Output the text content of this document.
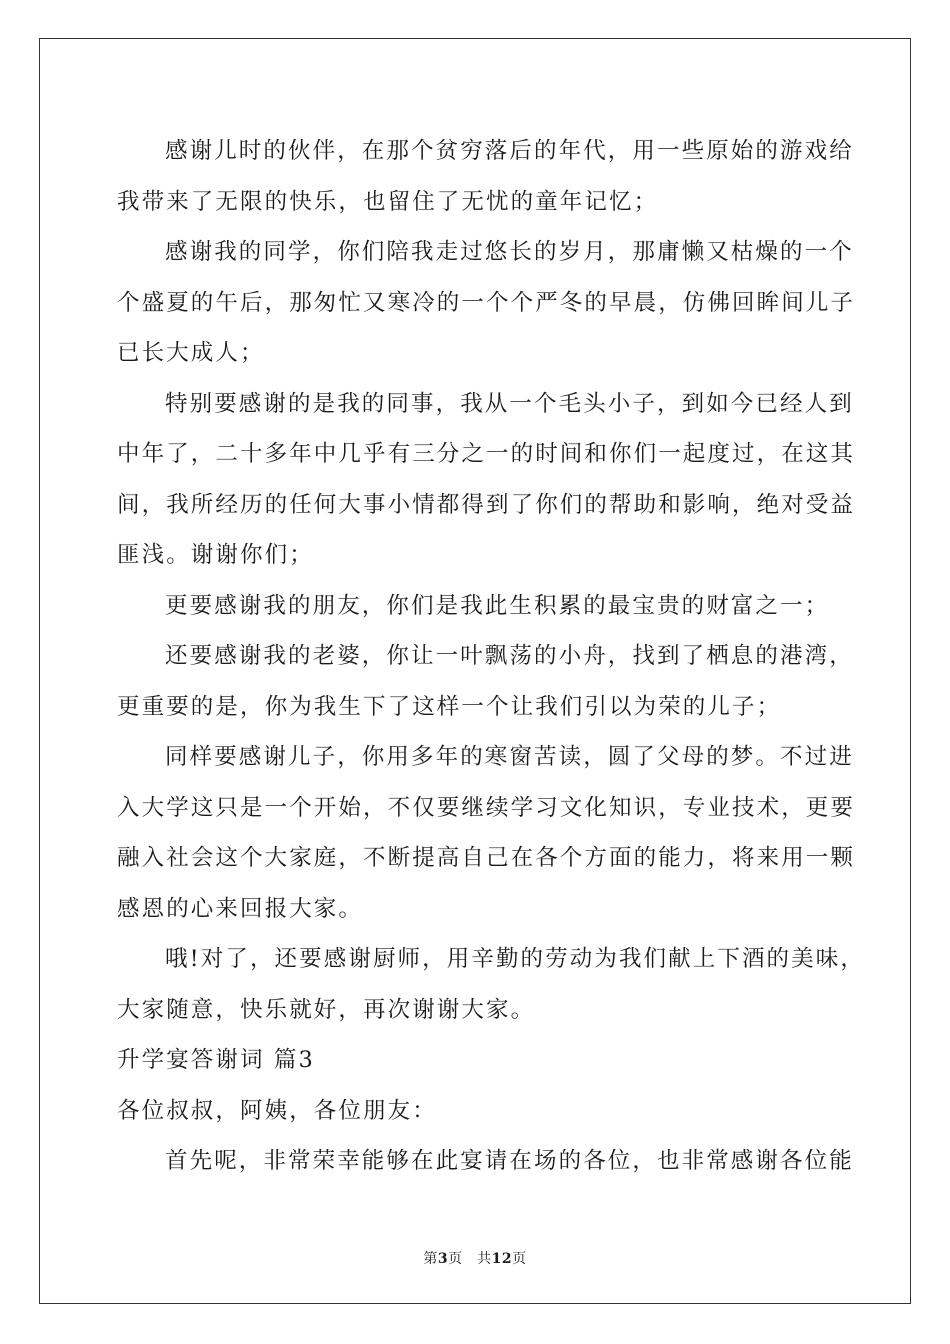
感谢儿时的伙伴，在那个贫穷落后的年代，用一些原始的游戏给
我带来了无限的快乐，也留住了无忧的童年记忆；
感谢我的同学，你们陪我走过悠长的岁月，那庸懒又枯燥的一个
个盛夏的午后，那匆忙又寒冷的一个个严冬的早晨，仿佛回眸间儿子
已长大成人；
特别要感谢的是我的同事，我从一个毛头小子，到如今已经人到
中年了，二十多年中几乎有三分之一的时间和你们一起度过，在这其
间，我所经历的任何大事小情都得到了你们的帮助和影响，绝对受益
匪浅。谢谢你们；
更要感谢我的朋友，你们是我此生积累的最宝贵的财富之一；
还要感谢我的老婆，你让一叶飘荡的小舟，找到了栖息的港湾，
更重要的是，你为我生下了这样一个让我们引以为荣的儿子；
同样要感谢儿子，你用多年的寒窗苦读，圆了父母的梦。不过进
入大学这只是一个开始，不仅要继续学习文化知识，专业技术，更要
融入社会这个大家庭，不断提高自己在各个方面的能力，将来用一颗
感恩的心来回报大家。
哦!对了，还要感谢厨师，用辛勤的劳动为我们献上下酒的美味，
大家随意，快乐就好，再次谢谢大家。
升学宴答谢词 篇3
各位叔叔，阿姨，各位朋友：
首先呢，非常荣幸能够在此宴请在场的各位，也非常感谢各位能
第3页　共12页
